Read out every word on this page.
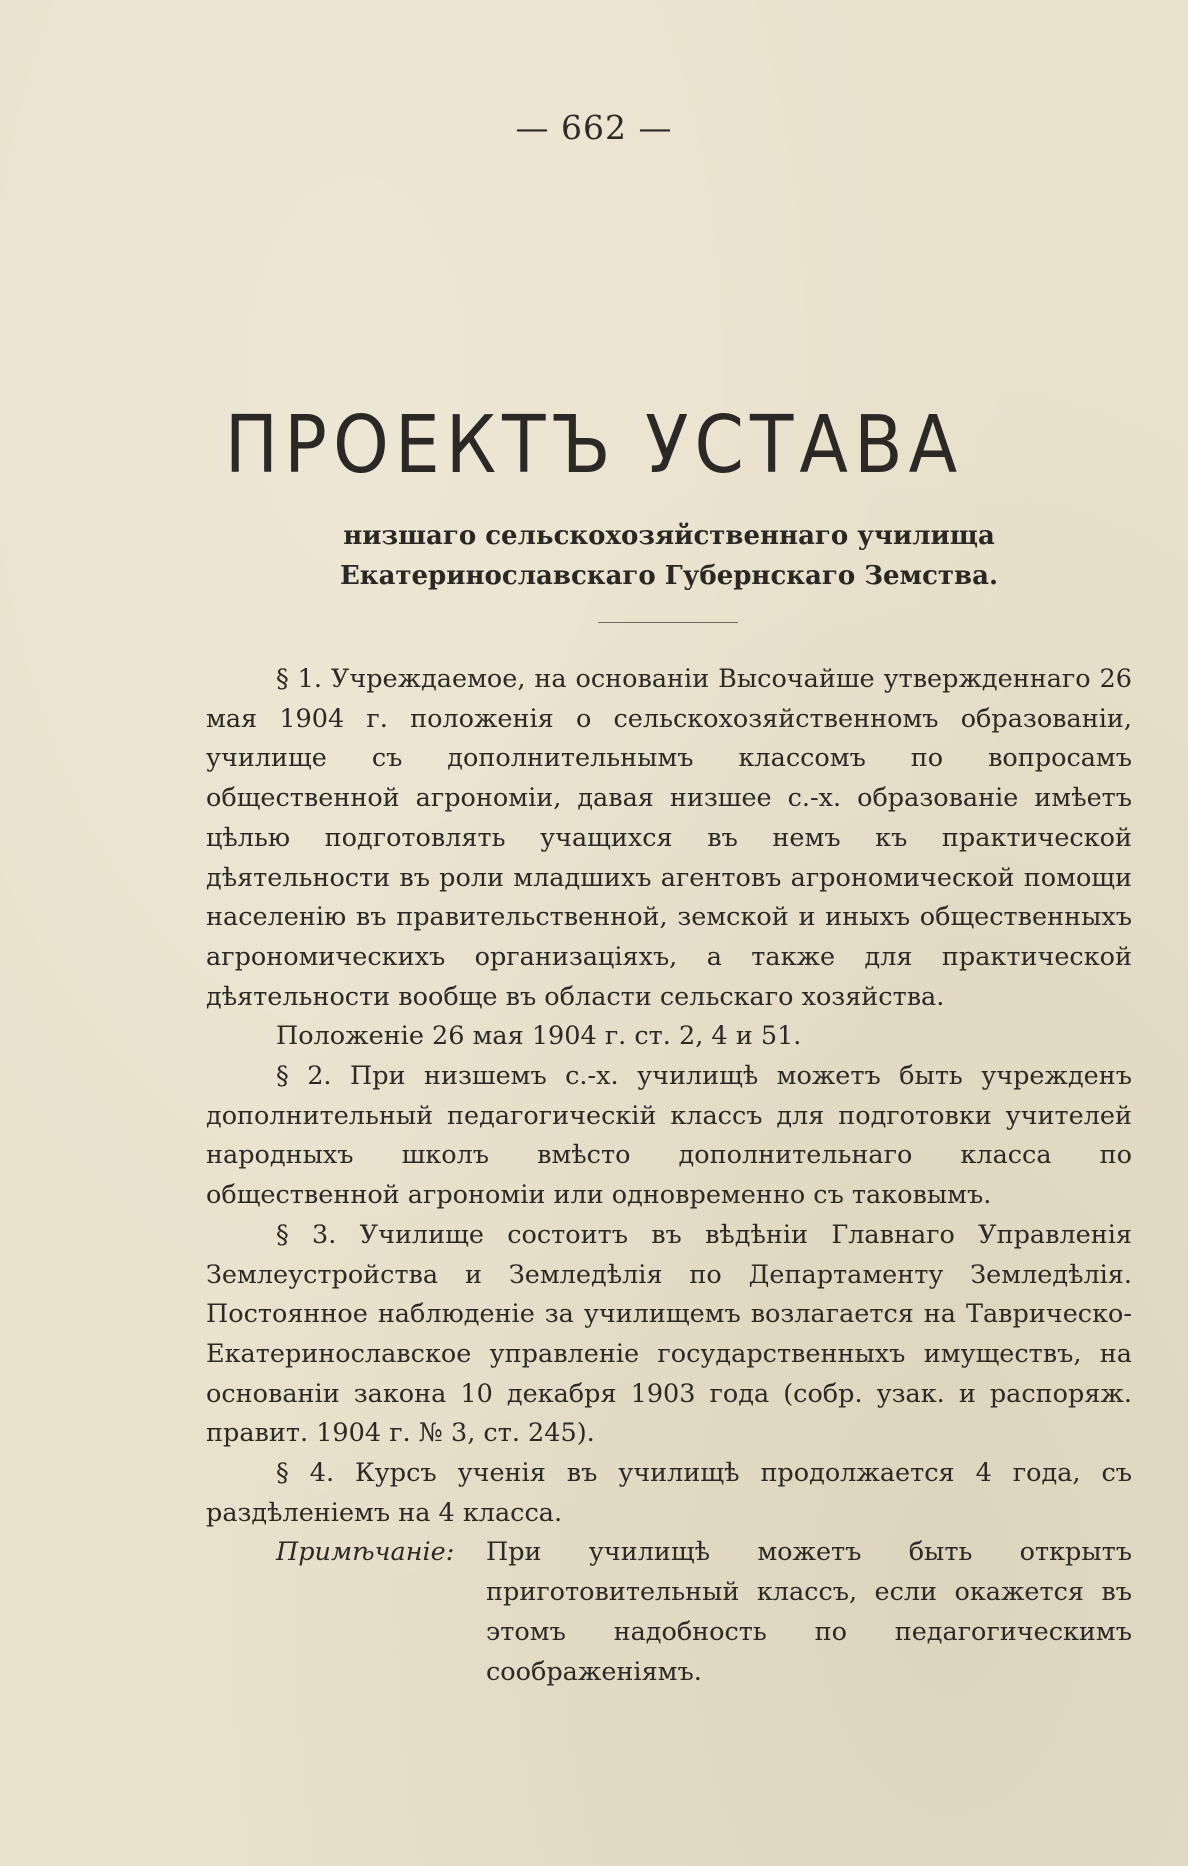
— 662 —
ПРОЕКТЪ УСТАВА
низшаго сельскохозяйственнаго училища Екатеринославскаго Губернскаго Земства.

§ 1. Учреждаемое, на основаніи Высочайше утвержденнаго 26 мая 1904 г. положенія о сельскохозяйственномъ образованіи, училище съ дополнительнымъ классомъ по вопросамъ общественной агрономіи, давая низшее с.-х. образованіе имѣетъ цѣлью подготовлять учащихся въ немъ къ практической дѣятельности въ роли младшихъ агентовъ агрономической помощи населенію въ правительственной, земской и иныхъ общественныхъ агрономическихъ организаціяхъ, а также для практической дѣятельности вообще въ области сельскаго хозяйства.

Положеніе 26 мая 1904 г. ст. 2, 4 и 51.

§ 2. При низшемъ с.-х. училищѣ можетъ быть учрежденъ дополнительный педагогическій классъ для подготовки учителей народныхъ школъ вмѣсто дополнительнаго класса по общественной агрономіи или одновременно съ таковымъ.

§ 3. Училище состоитъ въ вѣдѣніи Главнаго Управленія Землеустройства и Земледѣлія по Департаменту Земледѣлія. Постоянное наблюденіе за училищемъ возлагается на Таврическо-Екатеринославское управленіе государственныхъ имуществъ, на основаніи закона 10 декабря 1903 года (собр. узак. и распоряж. правит. 1904 г. № 3, ст. 245).

§ 4. Курсъ ученія въ училищѣ продолжается 4 года, съ раздѣленіемъ на 4 класса.

Примѣчаніе: При училищѣ можетъ быть открытъ приготовительный классъ, если окажется въ этомъ надобность по педагогическимъ соображеніямъ.
